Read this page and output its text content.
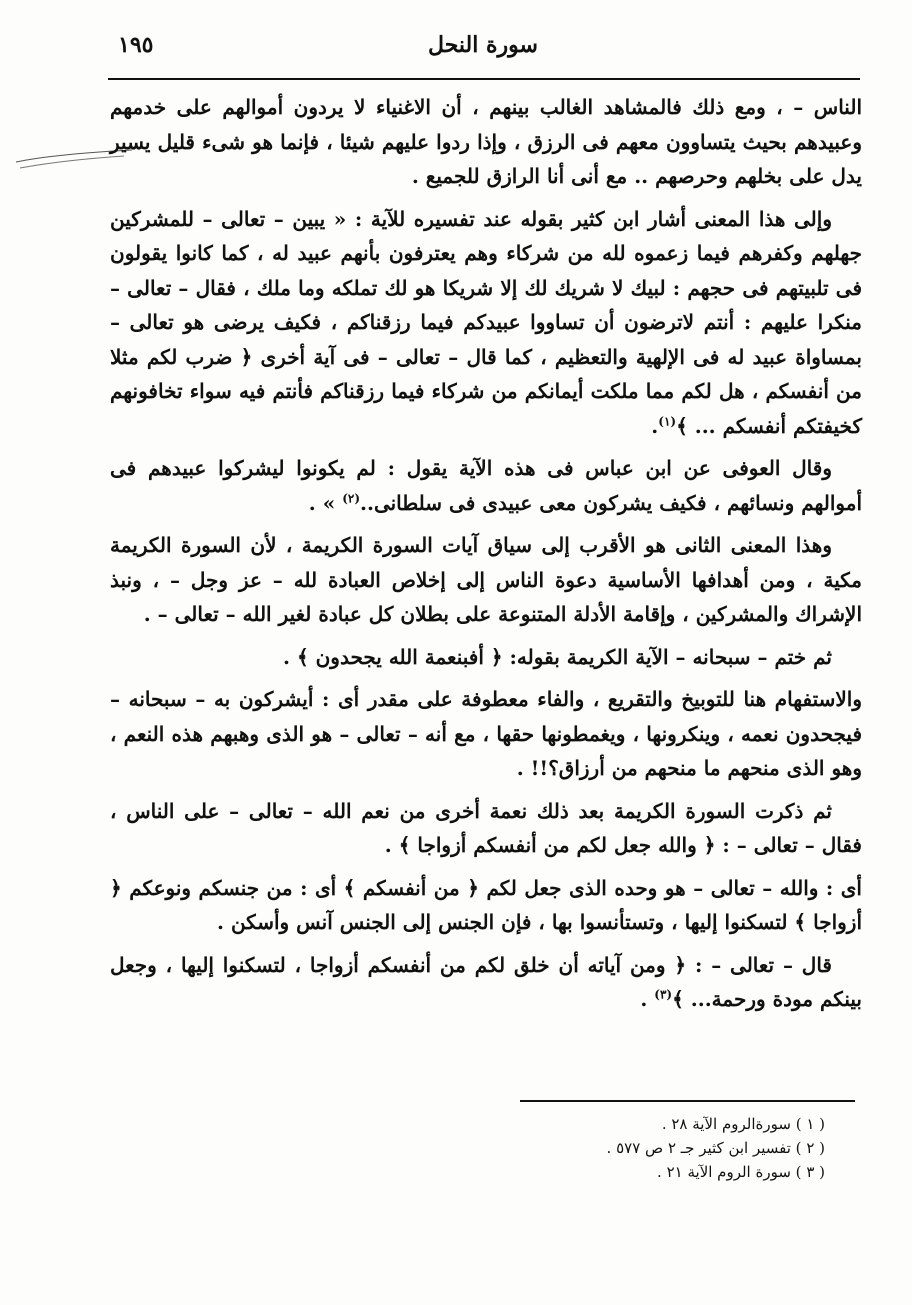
سورة النحل
١٩٥

الناس – ، ومع ذلك فالمشاهد الغالب بينهم ، أن الاغنياء لا يردون أموالهم على خدمهم وعبيدهم بحيث يتساوون معهم فى الرزق ، وإذا ردوا عليهم شيئا ، فإنما هو شىء قليل يسير يدل على بخلهم وحرصهم .. مع أنى أنا الرازق للجميع .

وإلى هذا المعنى أشار ابن كثير بقوله عند تفسيره للآية : « يبين – تعالى – للمشركين جهلهم وكفرهم فيما زعموه لله من شركاء وهم يعترفون بأنهم عبيد له ، كما كانوا يقولون فى تلبيتهم فى حجهم : لبيك لا شريك لك إلا شريكا هو لك تملكه وما ملك ، فقال – تعالى – منكرا عليهم : أنتم لاترضون أن تساووا عبيدكم فيما رزقناكم ، فكيف يرضى هو تعالى – بمساواة عبيد له فى الإلهية والتعظيم ، كما قال – تعالى – فى آية أخرى ﴿ ضرب لكم مثلا من أنفسكم ، هل لكم مما ملكت أيمانكم من شركاء فيما رزقناكم فأنتم فيه سواء تخافونهم كخيفتكم أنفسكم ... ﴾$^{(١)}$.

وقال العوفى عن ابن عباس فى هذه الآية يقول : لم يكونوا ليشركوا عبيدهم فى أموالهم ونسائهم ، فكيف يشركون معى عبيدى فى سلطانى..$^{(٢)}$ » .

وهذا المعنى الثانى هو الأقرب إلى سياق آيات السورة الكريمة ، لأن السورة الكريمة مكية ، ومن أهدافها الأساسية دعوة الناس إلى إخلاص العبادة لله – عز وجل – ، ونبذ الإشراك والمشركين ، وإقامة الأدلة المتنوعة على بطلان كل عبادة لغير الله – تعالى – .

ثم ختم – سبحانه – الآية الكريمة بقوله: ﴿ أفبنعمة الله يجحدون ﴾ .

والاستفهام هنا للتوبيخ والتقريع ، والفاء معطوفة على مقدر أى : أيشركون به – سبحانه – فيجحدون نعمه ، وينكرونها ، ويغمطونها حقها ، مع أنه – تعالى – هو الذى وهبهم هذه النعم ، وهو الذى منحهم ما منحهم من أرزاق؟!! .

ثم ذكرت السورة الكريمة بعد ذلك نعمة أخرى من نعم الله – تعالى – على الناس ، فقال – تعالى – : ﴿ والله جعل لكم من أنفسكم أزواجا ﴾ .

أى : والله – تعالى – هو وحده الذى جعل لكم ﴿ من أنفسكم ﴾ أى : من جنسكم ونوعكم ﴿ أزواجا ﴾ لتسكنوا إليها ، وتستأنسوا بها ، فإن الجنس إلى الجنس آنس وأسكن .

قال – تعالى – : ﴿ ومن آياته أن خلق لكم من أنفسكم أزواجا ، لتسكنوا إليها ، وجعل بينكم مودة ورحمة... ﴾$^{(٣)}$ .

( ١ ) سورةالروم الآية ٢٨ .

( ٢ ) تفسير ابن كثير جـ ٢ ص ٥٧٧ .

( ٣ ) سورة الروم الآية ٢١ .
